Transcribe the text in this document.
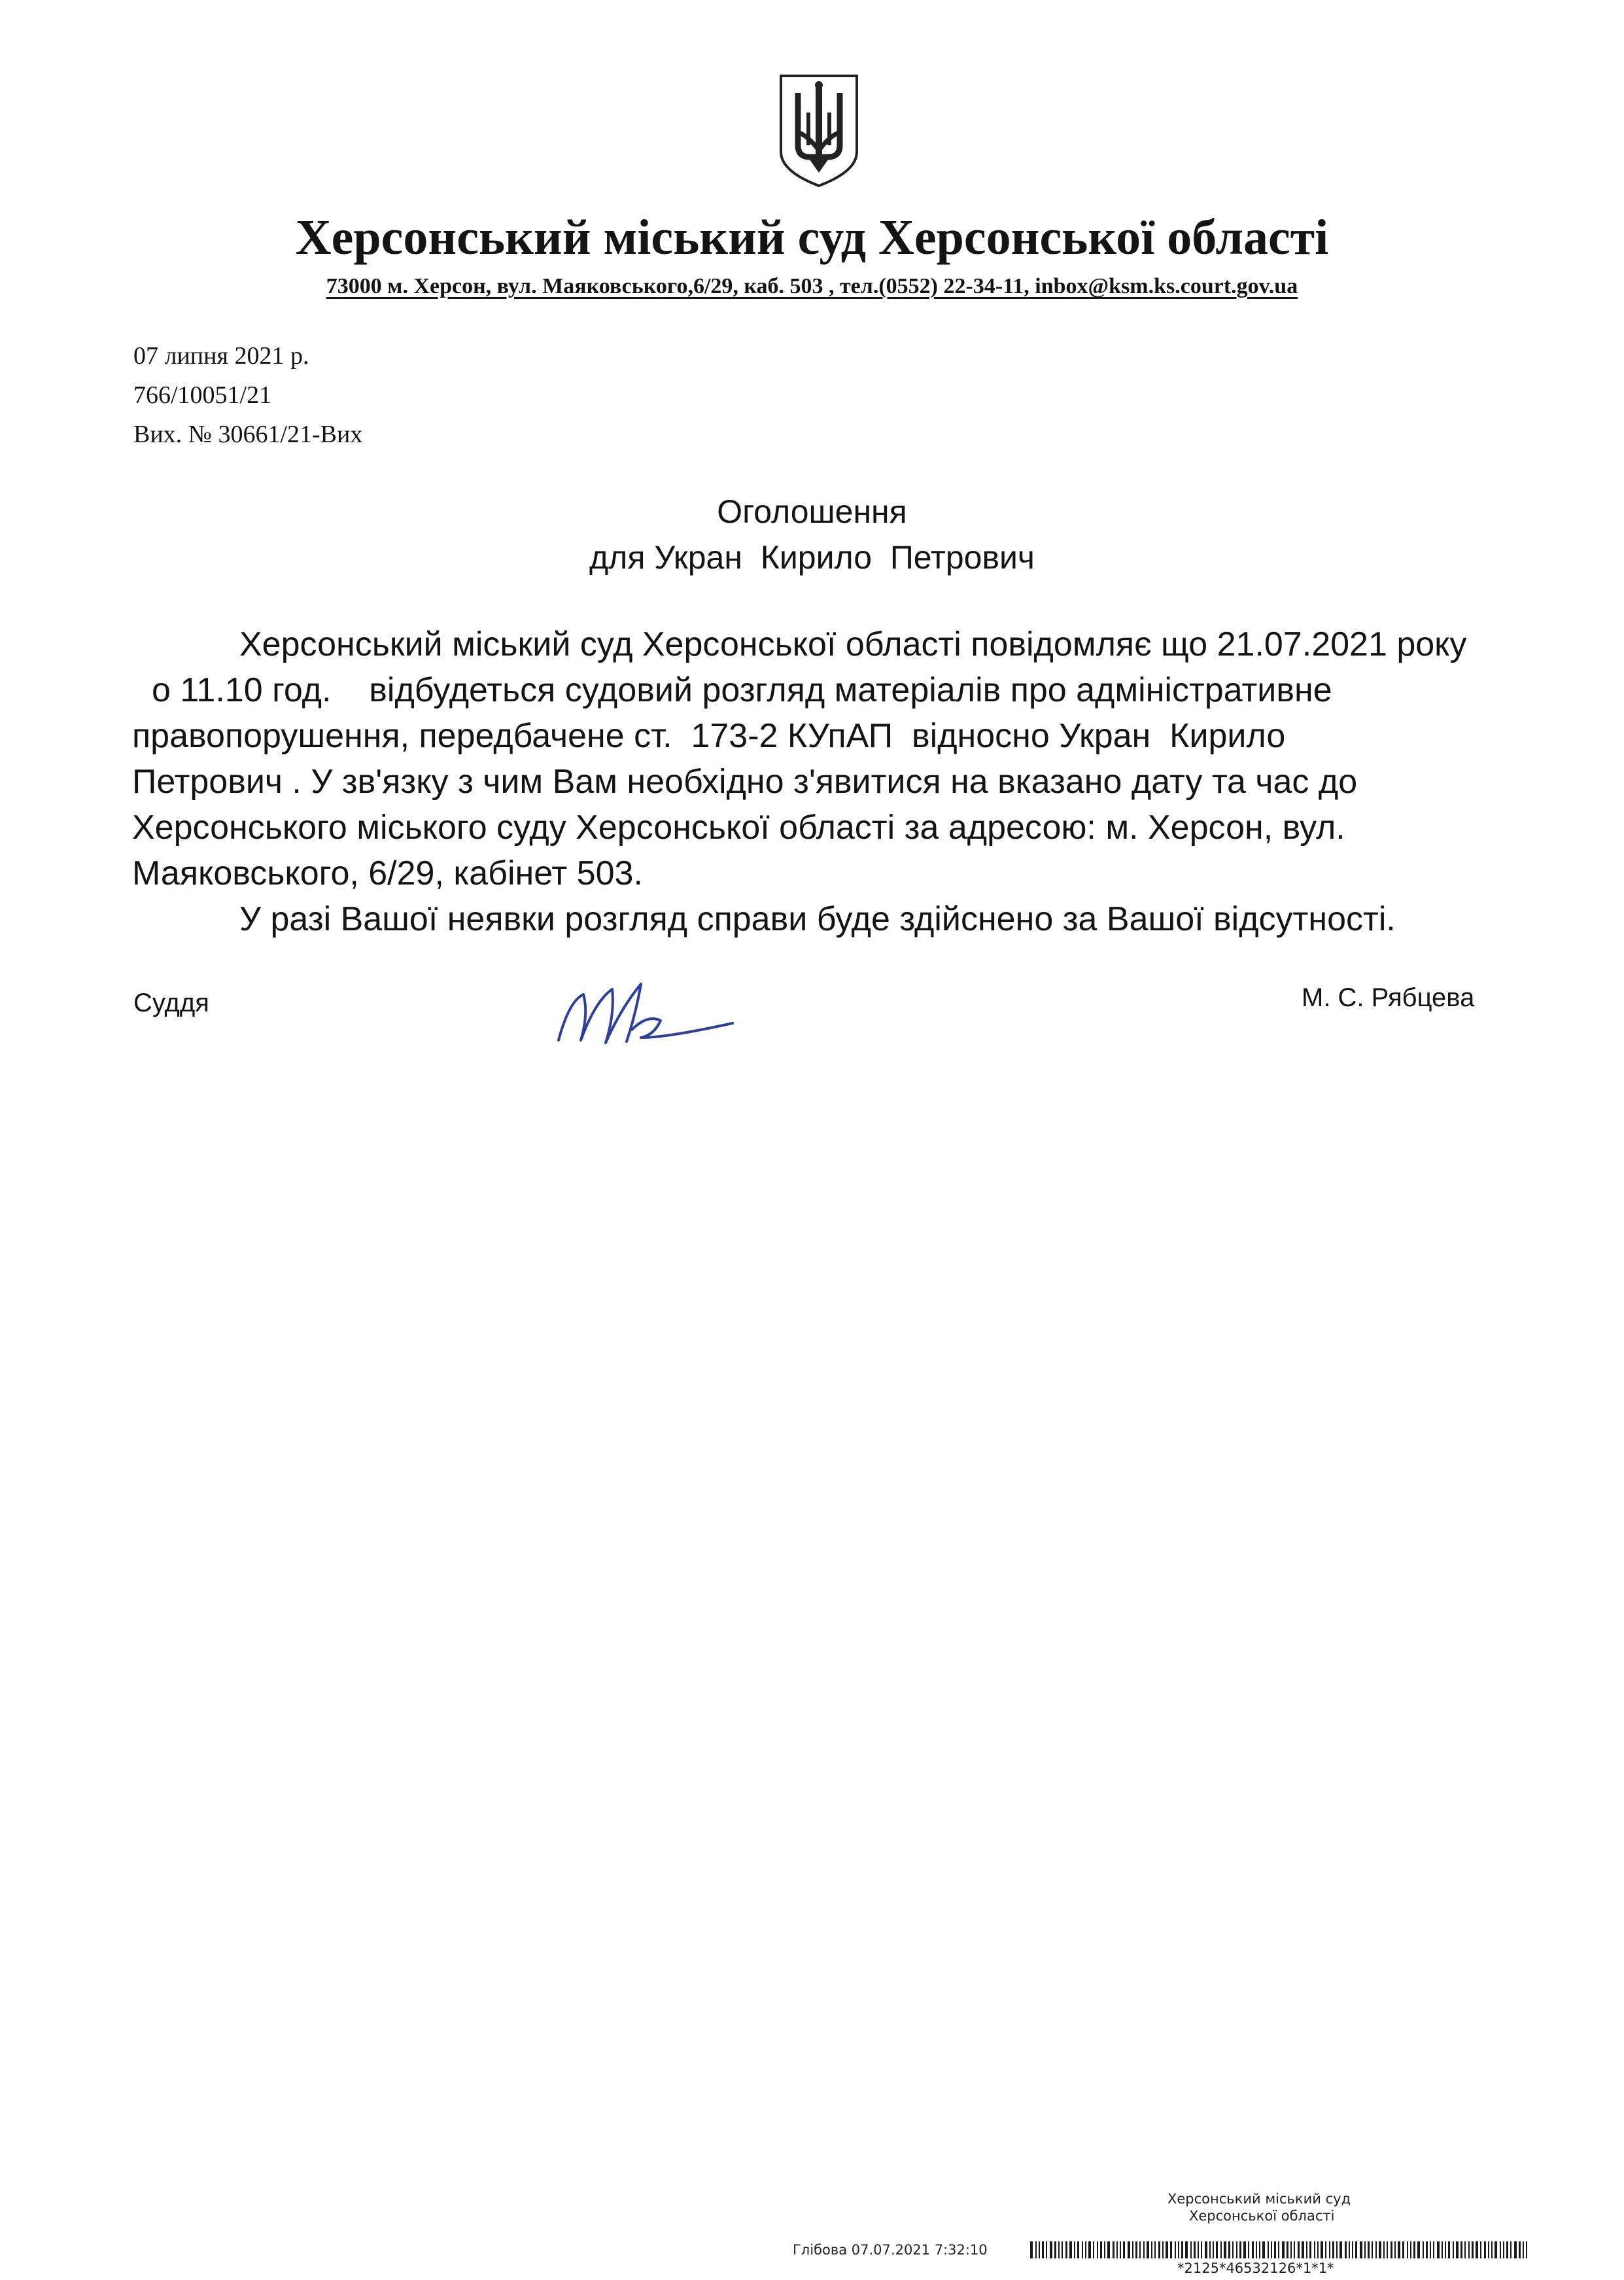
Херсонський міський суд Херсонської області
73000 м. Херсон, вул. Маяковського,6/29, каб. 503 , тел.(0552) 22-34-11, inbox@ksm.ks.court.gov.ua
07 липня 2021 р.
766/10051/21
Вих. № 30661/21-Вих
Оголошення
для Укран  Кирило  Петрович
Херсонський міський суд Херсонської області повідомляє що 21.07.2021 року
о 11.10 год.    відбудеться судовий розгляд матеріалів про адміністративне
правопорушення, передбачене ст.  173-2 КУпАП  відносно Укран  Кирило
Петрович . У зв'язку з чим Вам необхідно з'явитися на вказано дату та час до
Херсонського міського суду Херсонської області за адресою: м. Херсон, вул.
Маяковського, 6/29, кабінет 503.
У разі Вашої неявки розгляд справи буде здійснено за Вашої відсутності.
Суддя	М. С. Рябцева
Херсонський міський суд
Херсонської області
Глібова 07.07.2021 7:32:10
*2125*46532126*1*1*
